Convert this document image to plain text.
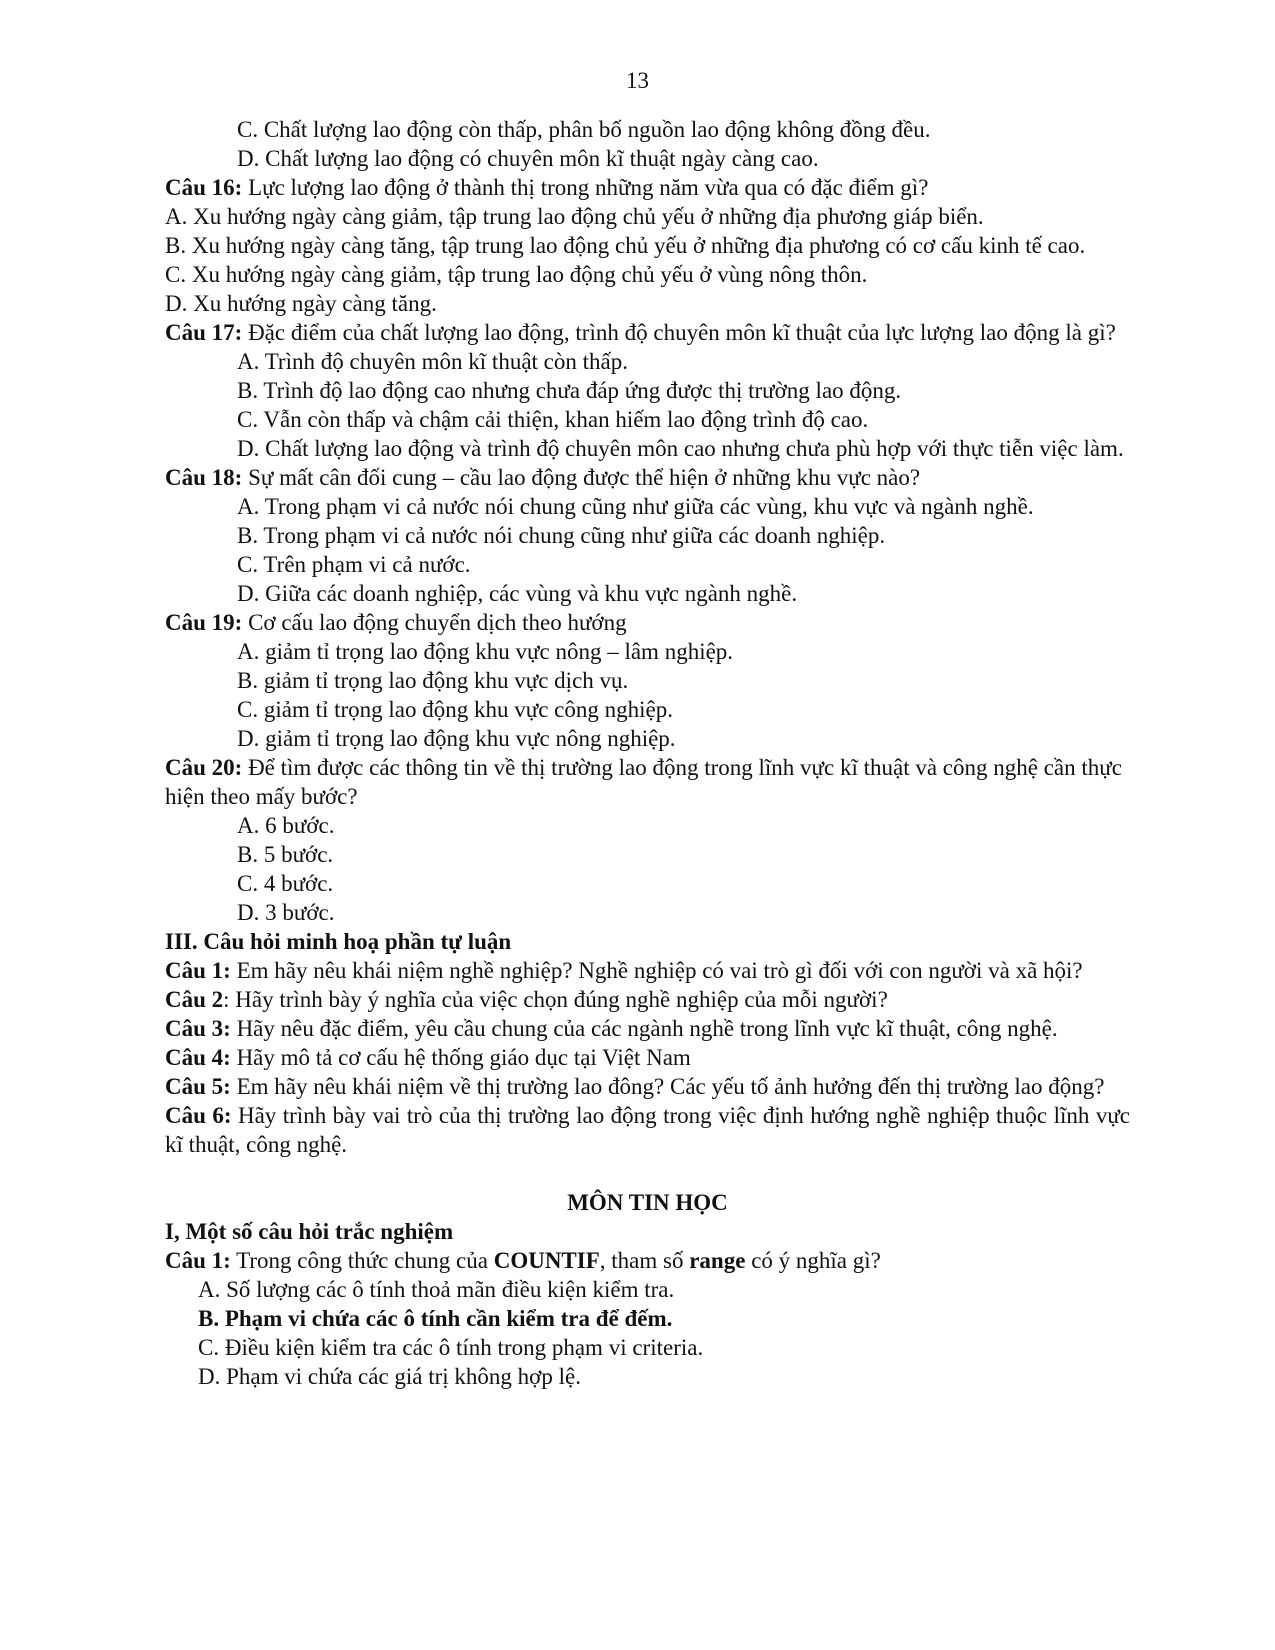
13

C. Chất lượng lao động còn thấp, phân bố nguồn lao động không đồng đều.

D. Chất lượng lao động có chuyên môn kĩ thuật ngày càng cao.

Câu 16: Lực lượng lao động ở thành thị trong những năm vừa qua có đặc điểm gì?

A. Xu hướng ngày càng giảm, tập trung lao động chủ yếu ở những địa phương giáp biển.

B. Xu hướng ngày càng tăng, tập trung lao động chủ yếu ở những địa phương có cơ cấu kinh tế cao.

C. Xu hướng ngày càng giảm, tập trung lao động chủ yếu ở vùng nông thôn.

D. Xu hướng ngày càng tăng.

Câu 17: Đặc điểm của chất lượng lao động, trình độ chuyên môn kĩ thuật của lực lượng lao động là gì?

A. Trình độ chuyên môn kĩ thuật còn thấp.

B. Trình độ lao động cao nhưng chưa đáp ứng được thị trường lao động.

C. Vẫn còn thấp và chậm cải thiện, khan hiếm lao động trình độ cao.

D. Chất lượng lao động và trình độ chuyên môn cao nhưng chưa phù hợp với thực tiễn việc làm.

Câu 18: Sự mất cân đối cung – cầu lao động được thể hiện ở những khu vực nào?

A. Trong phạm vi cả nước nói chung cũng như giữa các vùng, khu vực và ngành nghề.

B. Trong phạm vi cả nước nói chung cũng như giữa các doanh nghiệp.

C. Trên phạm vi cả nước.

D. Giữa các doanh nghiệp, các vùng và khu vực ngành nghề.

Câu 19: Cơ cấu lao động chuyển dịch theo hướng

A. giảm tỉ trọng lao động khu vực nông – lâm nghiệp.

B. giảm tỉ trọng lao động khu vực dịch vụ.

C. giảm tỉ trọng lao động khu vực công nghiệp.

D. giảm tỉ trọng lao động khu vực nông nghiệp.

Câu 20: Để tìm được các thông tin về thị trường lao động trong lĩnh vực kĩ thuật và công nghệ cần thực hiện theo mấy bước?

A. 6 bước.

B. 5 bước.

C. 4 bước.

D. 3 bước.

III. Câu hỏi minh hoạ phần tự luận

Câu 1: Em hãy nêu khái niệm nghề nghiệp? Nghề nghiệp có vai trò gì đối với con người và xã hội?

Câu 2: Hãy trình bày ý nghĩa của việc chọn đúng nghề nghiệp của mỗi người?

Câu 3: Hãy nêu đặc điểm, yêu cầu chung của các ngành nghề trong lĩnh vực kĩ thuật, công nghệ.

Câu 4: Hãy mô tả cơ cấu hệ thống giáo dục tại Việt Nam

Câu 5: Em hãy nêu khái niệm về thị trường lao đông? Các yếu tố ảnh hưởng đến thị trường lao động?

Câu 6: Hãy trình bày vai trò của thị trường lao động trong việc định hướng nghề nghiệp thuộc lĩnh vực kĩ thuật, công nghệ.

MÔN TIN HỌC

I, Một số câu hỏi trắc nghiệm

Câu 1: Trong công thức chung của COUNTIF, tham số range có ý nghĩa gì?

A. Số lượng các ô tính thoả mãn điều kiện kiểm tra.

B. Phạm vi chứa các ô tính cần kiểm tra để đếm.

C. Điều kiện kiểm tra các ô tính trong phạm vi criteria.

D. Phạm vi chứa các giá trị không hợp lệ.
